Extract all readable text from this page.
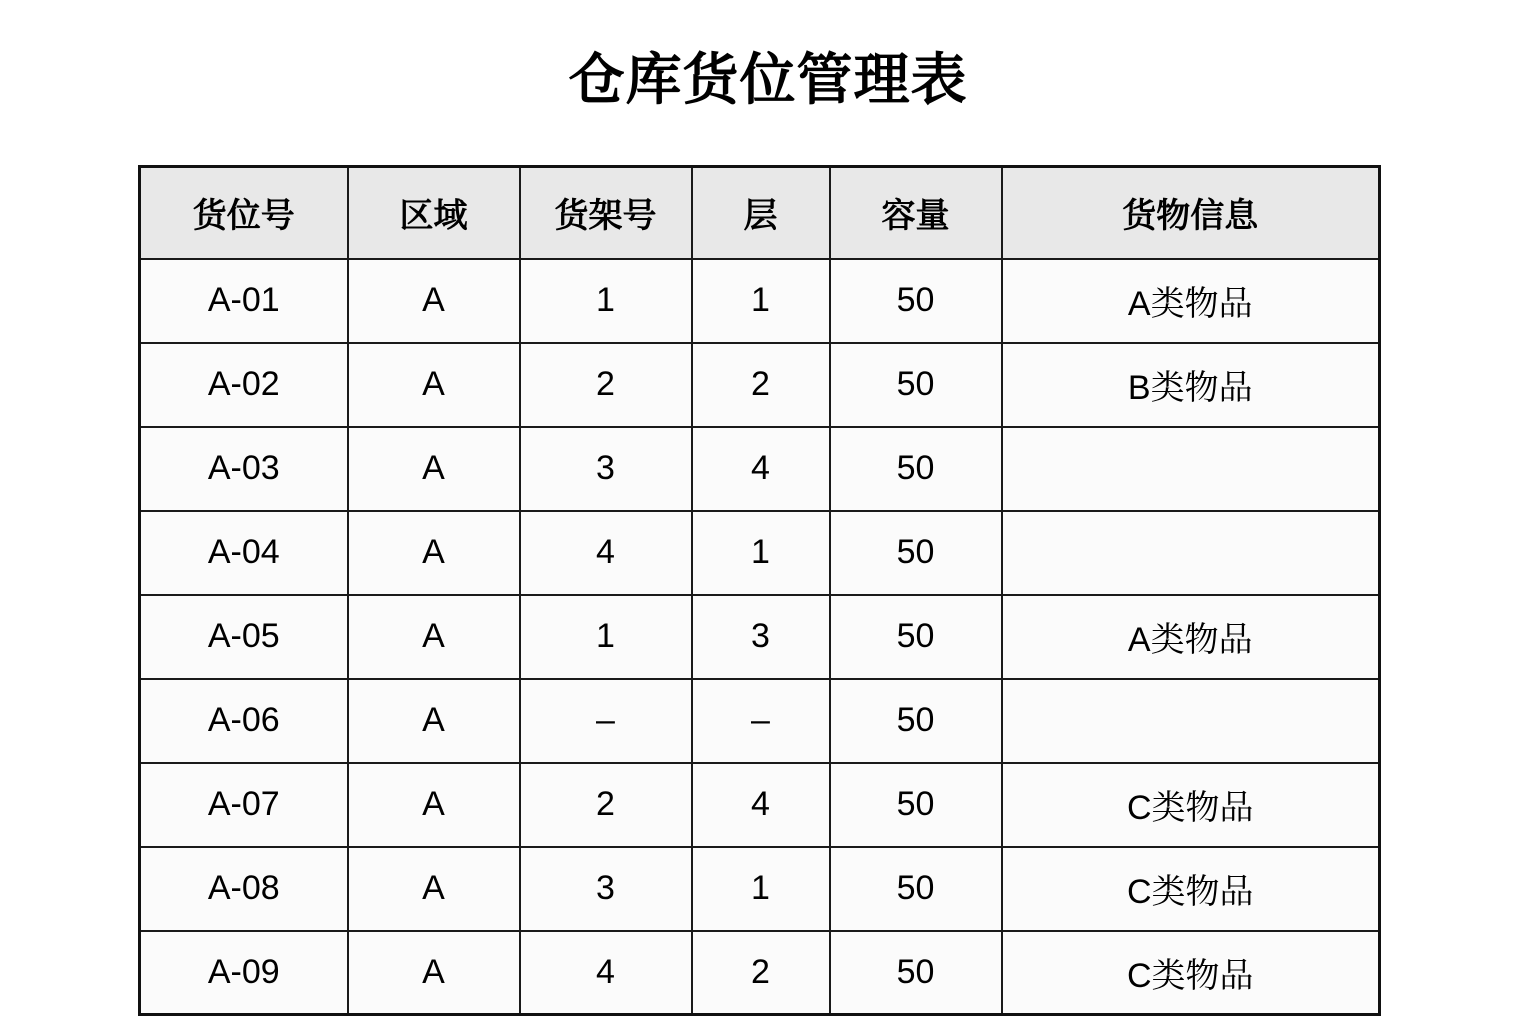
仓库货位管理表
货位号	区域	货架号	层	容量	货物信息
A-01	A	1	1	50	A类物品
A-02	A	2	2	50	B类物品
A-03	A	3	4	50	
A-04	A	4	1	50	
A-05	A	1	3	50	A类物品
A-06	A	–	–	50	
A-07	A	2	4	50	C类物品
A-08	A	3	1	50	C类物品
A-09	A	4	2	50	C类物品
